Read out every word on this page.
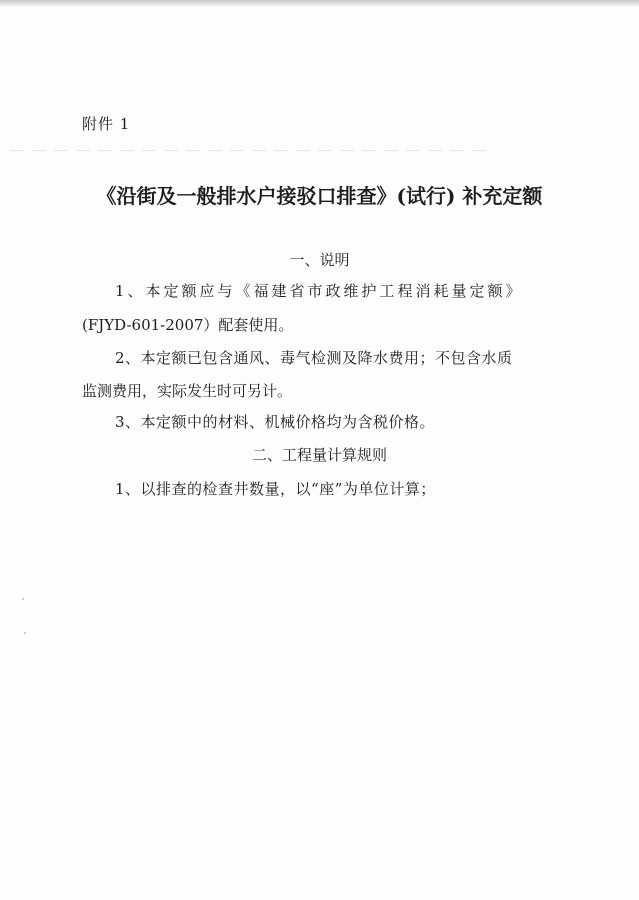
附件 1
《沿街及一般排水户接驳口排查》(试行) 补充定额
一、说明
1、本定额应与《福建省市政维护工程消耗量定额》
(FJYD-601-2007）配套使用。
2、本定额已包含通风、毒气检测及降水费用；不包含水质
监测费用，实际发生时可另计。
3、本定额中的材料、机械价格均为含税价格。
二、工程量计算规则
1、以排查的检查井数量，以“座”为单位计算；
